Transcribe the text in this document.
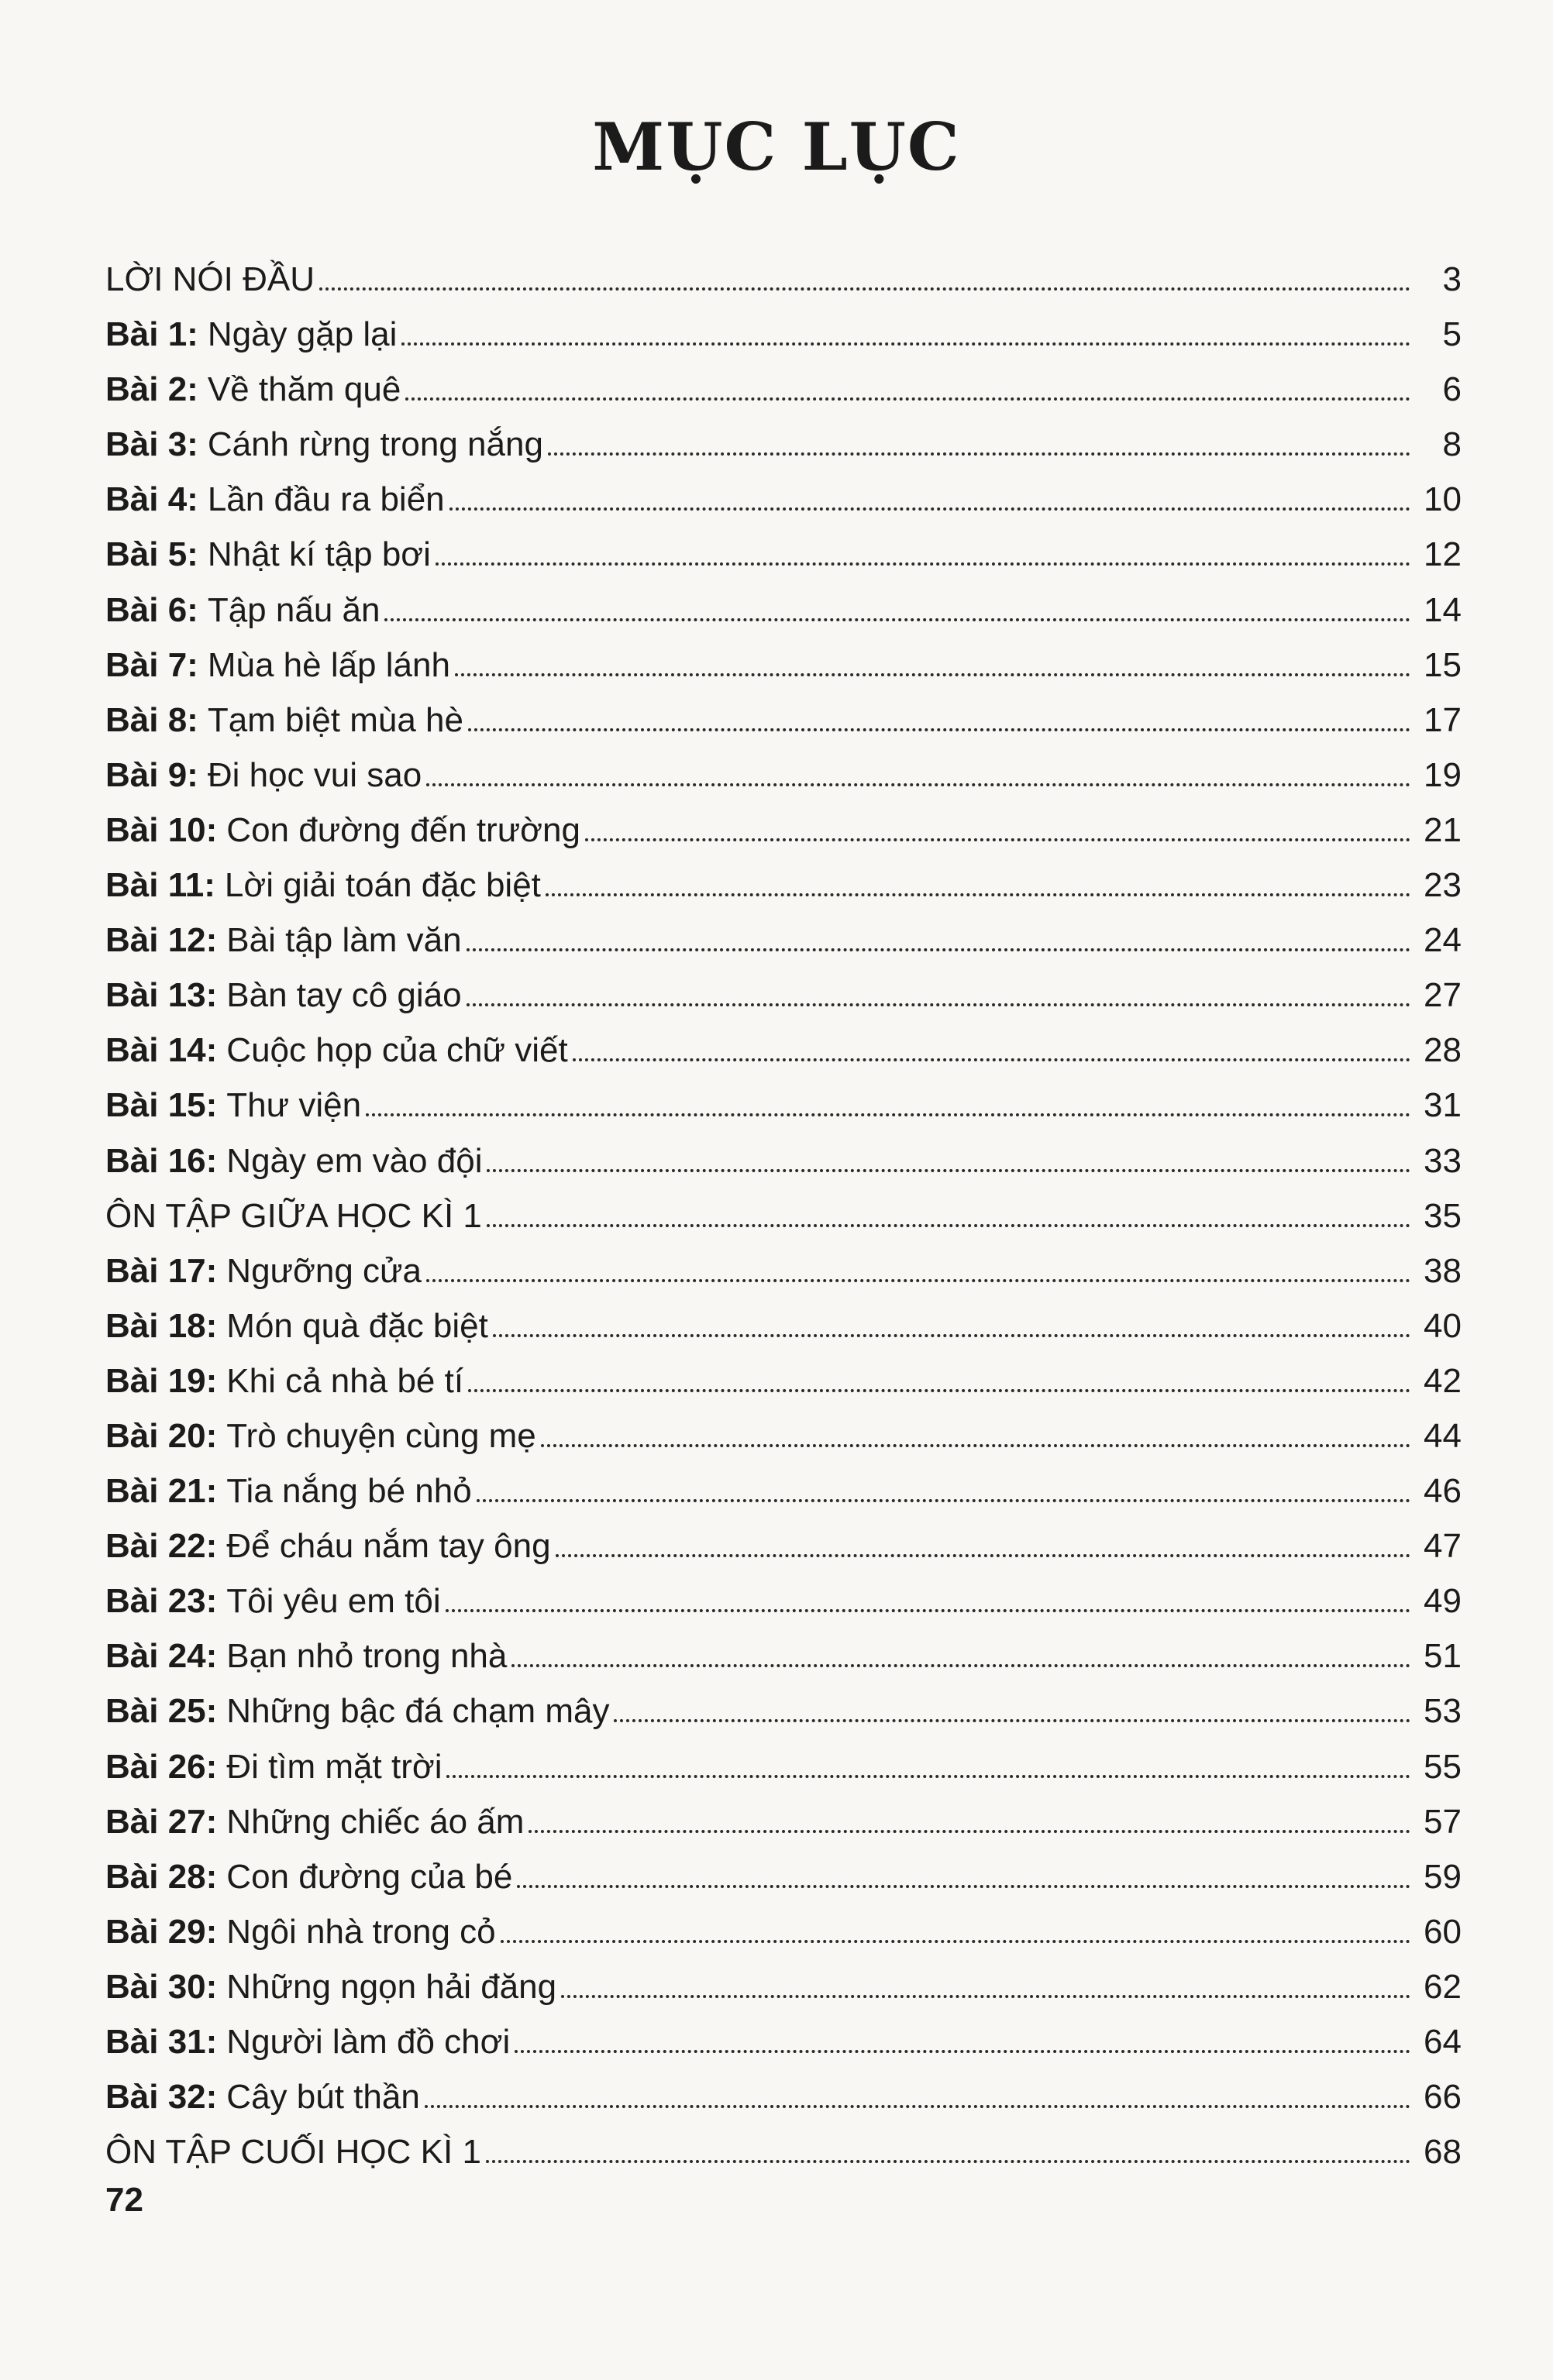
MỤC LỤC
LỜI NÓI ĐẦU	3
Bài 1: Ngày gặp lại	5
Bài 2: Về thăm quê	6
Bài 3: Cánh rừng trong nắng	8
Bài 4: Lần đầu ra biển	10
Bài 5: Nhật kí tập bơi	12
Bài 6: Tập nấu ăn	14
Bài 7: Mùa hè lấp lánh	15
Bài 8: Tạm biệt mùa hè	17
Bài 9: Đi học vui sao	19
Bài 10: Con đường đến trường	21
Bài 11: Lời giải toán đặc biệt	23
Bài 12: Bài tập làm văn	24
Bài 13: Bàn tay cô giáo	27
Bài 14: Cuộc họp của chữ viết	28
Bài 15: Thư viện	31
Bài 16: Ngày em vào đội	33
ÔN TẬP GIỮA HỌC KÌ 1	35
Bài 17: Ngưỡng cửa	38
Bài 18: Món quà đặc biệt	40
Bài 19: Khi cả nhà bé tí	42
Bài 20: Trò chuyện cùng mẹ	44
Bài 21: Tia nắng bé nhỏ	46
Bài 22: Để cháu nắm tay ông	47
Bài 23: Tôi yêu em tôi	49
Bài 24: Bạn nhỏ trong nhà	51
Bài 25: Những bậc đá chạm mây	53
Bài 26: Đi tìm mặt trời	55
Bài 27: Những chiếc áo ấm	57
Bài 28: Con đường của bé	59
Bài 29: Ngôi nhà trong cỏ	60
Bài 30: Những ngọn hải đăng	62
Bài 31: Người làm đồ chơi	64
Bài 32: Cây bút thần	66
ÔN TẬP CUỐI HỌC KÌ 1	68

72
